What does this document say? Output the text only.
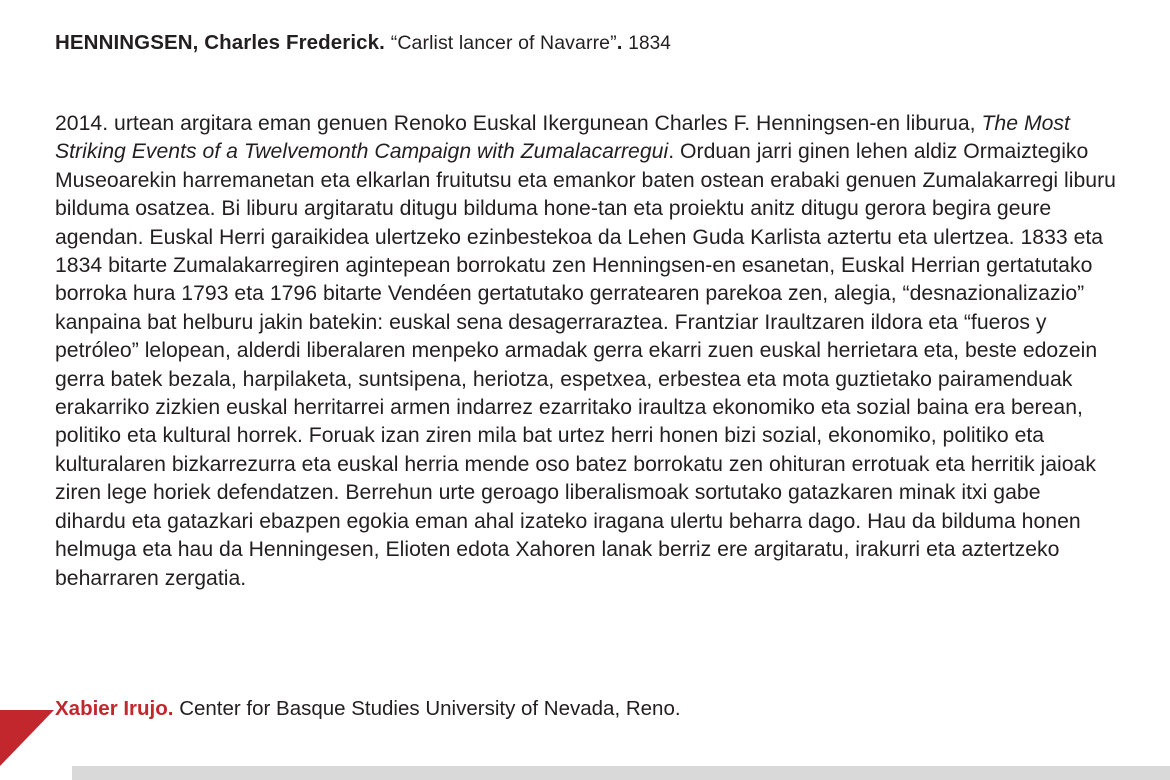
HENNINGSEN, Charles Frederick. “Carlist lancer of Navarre”. 1834

2014. urtean argitara eman genuen Renoko Euskal Ikergunean Charles F. Henningsen-en liburua, The Most Striking Events of a Twelvemonth Campaign with Zumalacarregui. Orduan jarri ginen lehen aldiz Ormaiztegiko Museoarekin harremanetan eta elkarlan fruitutsu eta emankor baten ostean erabaki genuen Zumalakarregi liburu bilduma osatzea. Bi liburu argitaratu ditugu bilduma hone-tan eta proiektu anitz ditugu gerora begira geure agendan. Euskal Herri garaikidea ulertzeko ezinbestekoa da Lehen Guda Karlista aztertu eta ulertzea. 1833 eta 1834 bitarte Zumalakarregiren agintepean borrokatu zen Henningsen-en esanetan, Euskal Herrian gertatutako borroka hura 1793 eta 1796 bitarte Vendéen gertatutako gerratearen parekoa zen, alegia, “desnazionalizazio” kanpaina bat helburu jakin batekin: euskal sena desagerraraztea. Frantziar Iraultzaren ildora eta “fueros y petróleo” lelopean, alderdi liberalaren menpeko armadak gerra ekarri zuen euskal herrietara eta, beste edozein gerra batek bezala, harpilaketa, suntsipena, heriotza, espetxea, erbestea eta mota guztietako pairamenduak erakarriko zizkien euskal herritarrei armen indarrez ezarritako iraultza ekonomiko eta sozial baina era berean, politiko eta kultural horrek. Foruak izan ziren mila bat urtez herri honen bizi sozial, ekonomiko, politiko eta kulturalaren bizkarrezurra eta euskal herria mende oso batez borrokatu zen ohituran errotuak eta herritik jaioak ziren lege horiek defendatzen. Berrehun urte geroago liberalismoak sortutako gatazkaren minak itxi gabe dihardu eta gatazkari ebazpen egokia eman ahal izateko iragana ulertu beharra dago. Hau da bilduma honen helmuga eta hau da Henningesen, Elioten edota Xahoren lanak berriz ere argitaratu, irakurri eta aztertzeko beharraren zergatia.

Xabier Irujo. Center for Basque Studies University of Nevada, Reno.
